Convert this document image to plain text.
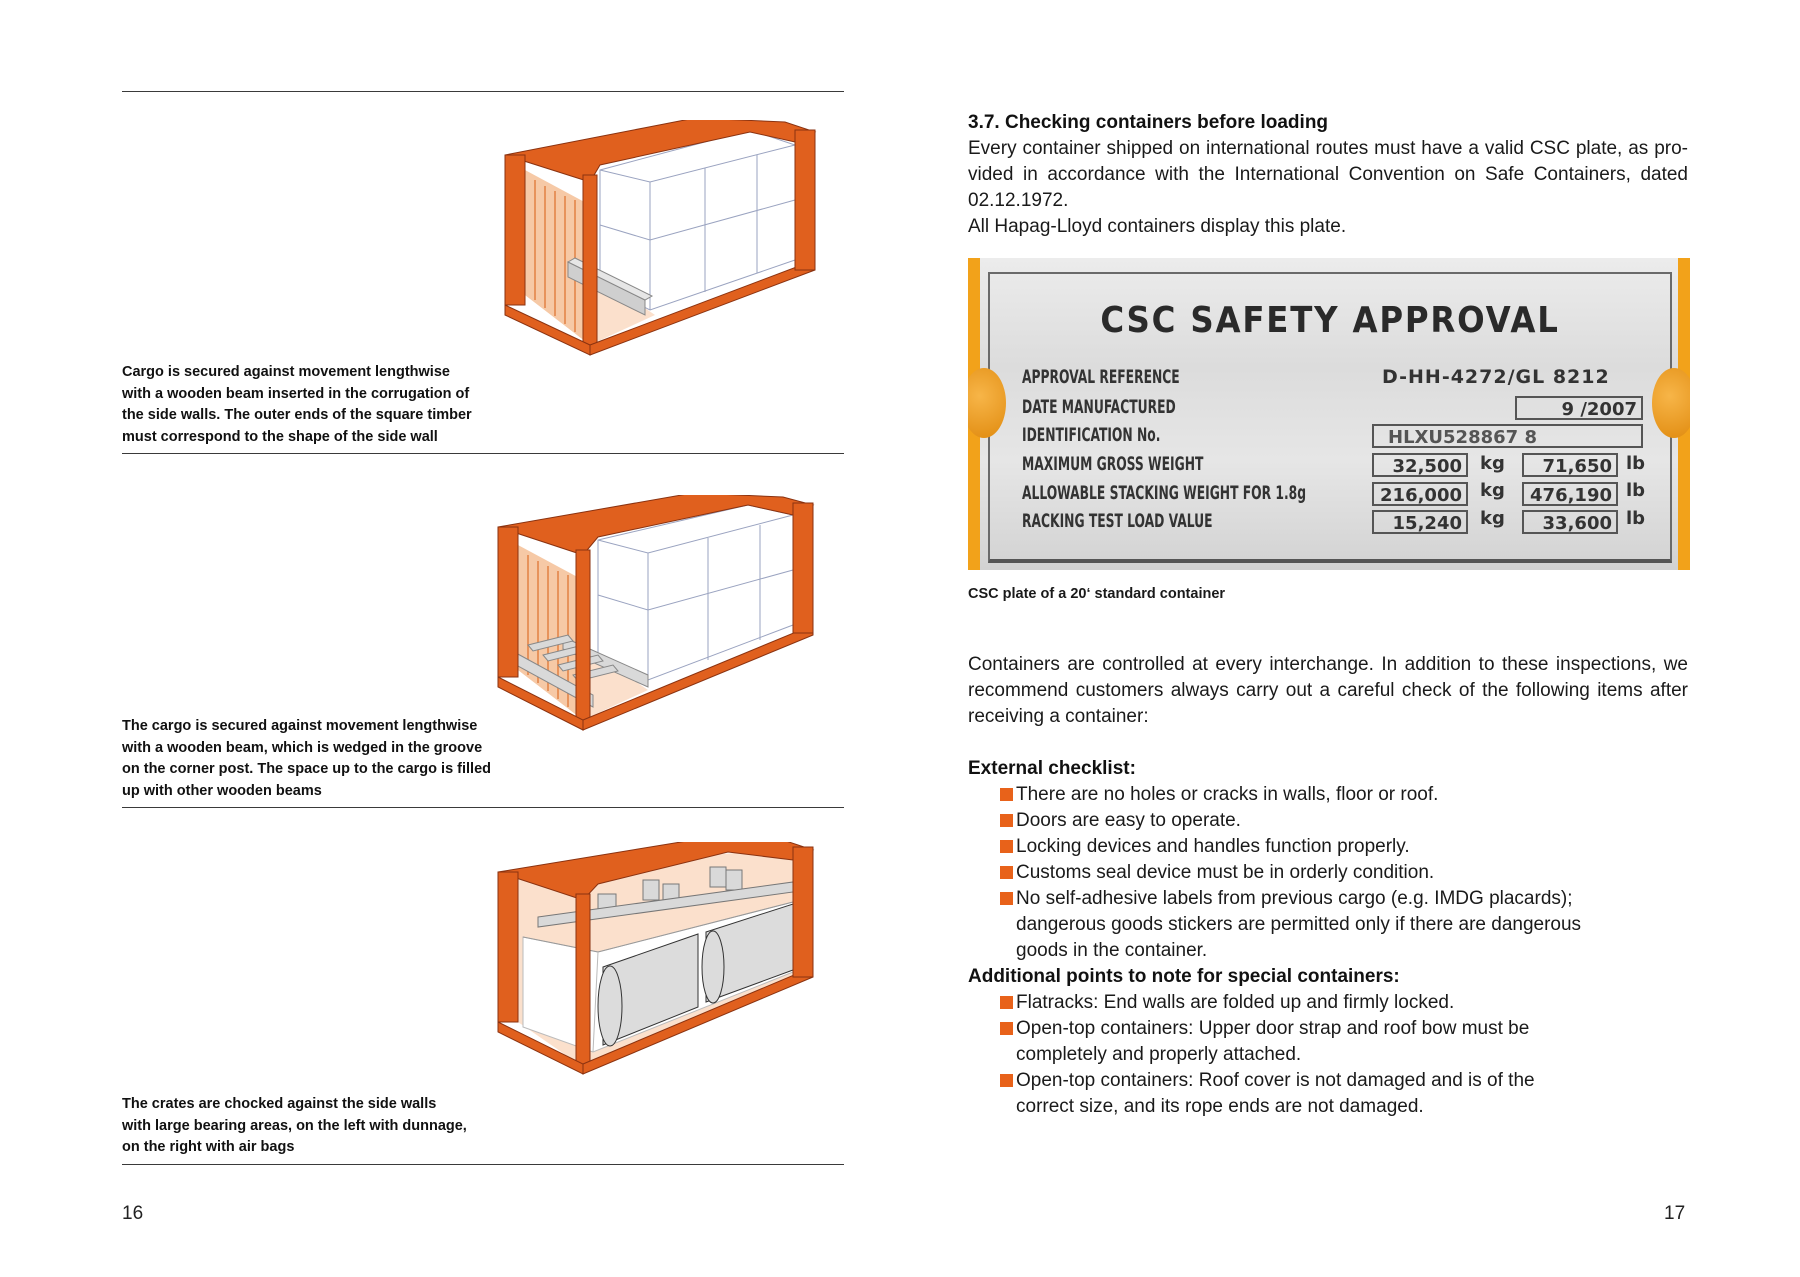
Cargo is secured against movement lengthwise
with a wooden beam inserted in the corrugation of
the side walls. The outer ends of the square timber
must correspond to the shape of the side wall
The cargo is secured against movement lengthwise
with a wooden beam, which is wedged in the groove
on the corner post. The space up to the cargo is filled
up with other wooden beams
The crates are chocked against the side walls
with large bearing areas, on the left with dunnage,
on the right with air bags
16
3.7. Checking containers before loading
Every container shipped on international routes must have a valid CSC plate, as pro-
vided in accordance with the International Convention on Safe Containers, dated
02.12.1972.
All Hapag-Lloyd containers display this plate.
CSC SAFETY APPROVAL
APPROVAL REFERENCE	D-HH-4272/GL 8212
DATE MANUFACTURED	9 /2007
IDENTIFICATION No.	HLXU528867 8
MAXIMUM GROSS WEIGHT	32,500	kg	71,650 lb
ALLOWABLE STACKING WEIGHT FOR 1.8g	216,000	kg	476,190 lb
RACKING TEST LOAD VALUE	15,240	kg	33,600 lb
CSC plate of a 20‘ standard container
Containers are controlled at every interchange. In addition to these inspections, we
recommend customers always carry out a careful check of the following items after
receiving a container:
External checklist:
There are no holes or cracks in walls, floor or roof.
Doors are easy to operate.
Locking devices and handles function properly.
Customs seal device must be in orderly condition.
No self-adhesive labels from previous cargo (e.g. IMDG placards);
dangerous goods stickers are permitted only if there are dangerous
goods in the container.
Additional points to note for special containers:
Flatracks: End walls are folded up and firmly locked.
Open-top containers: Upper door strap and roof bow must be
completely and properly attached.
Open-top containers: Roof cover is not damaged and is of the
correct size, and its rope ends are not damaged.
17
